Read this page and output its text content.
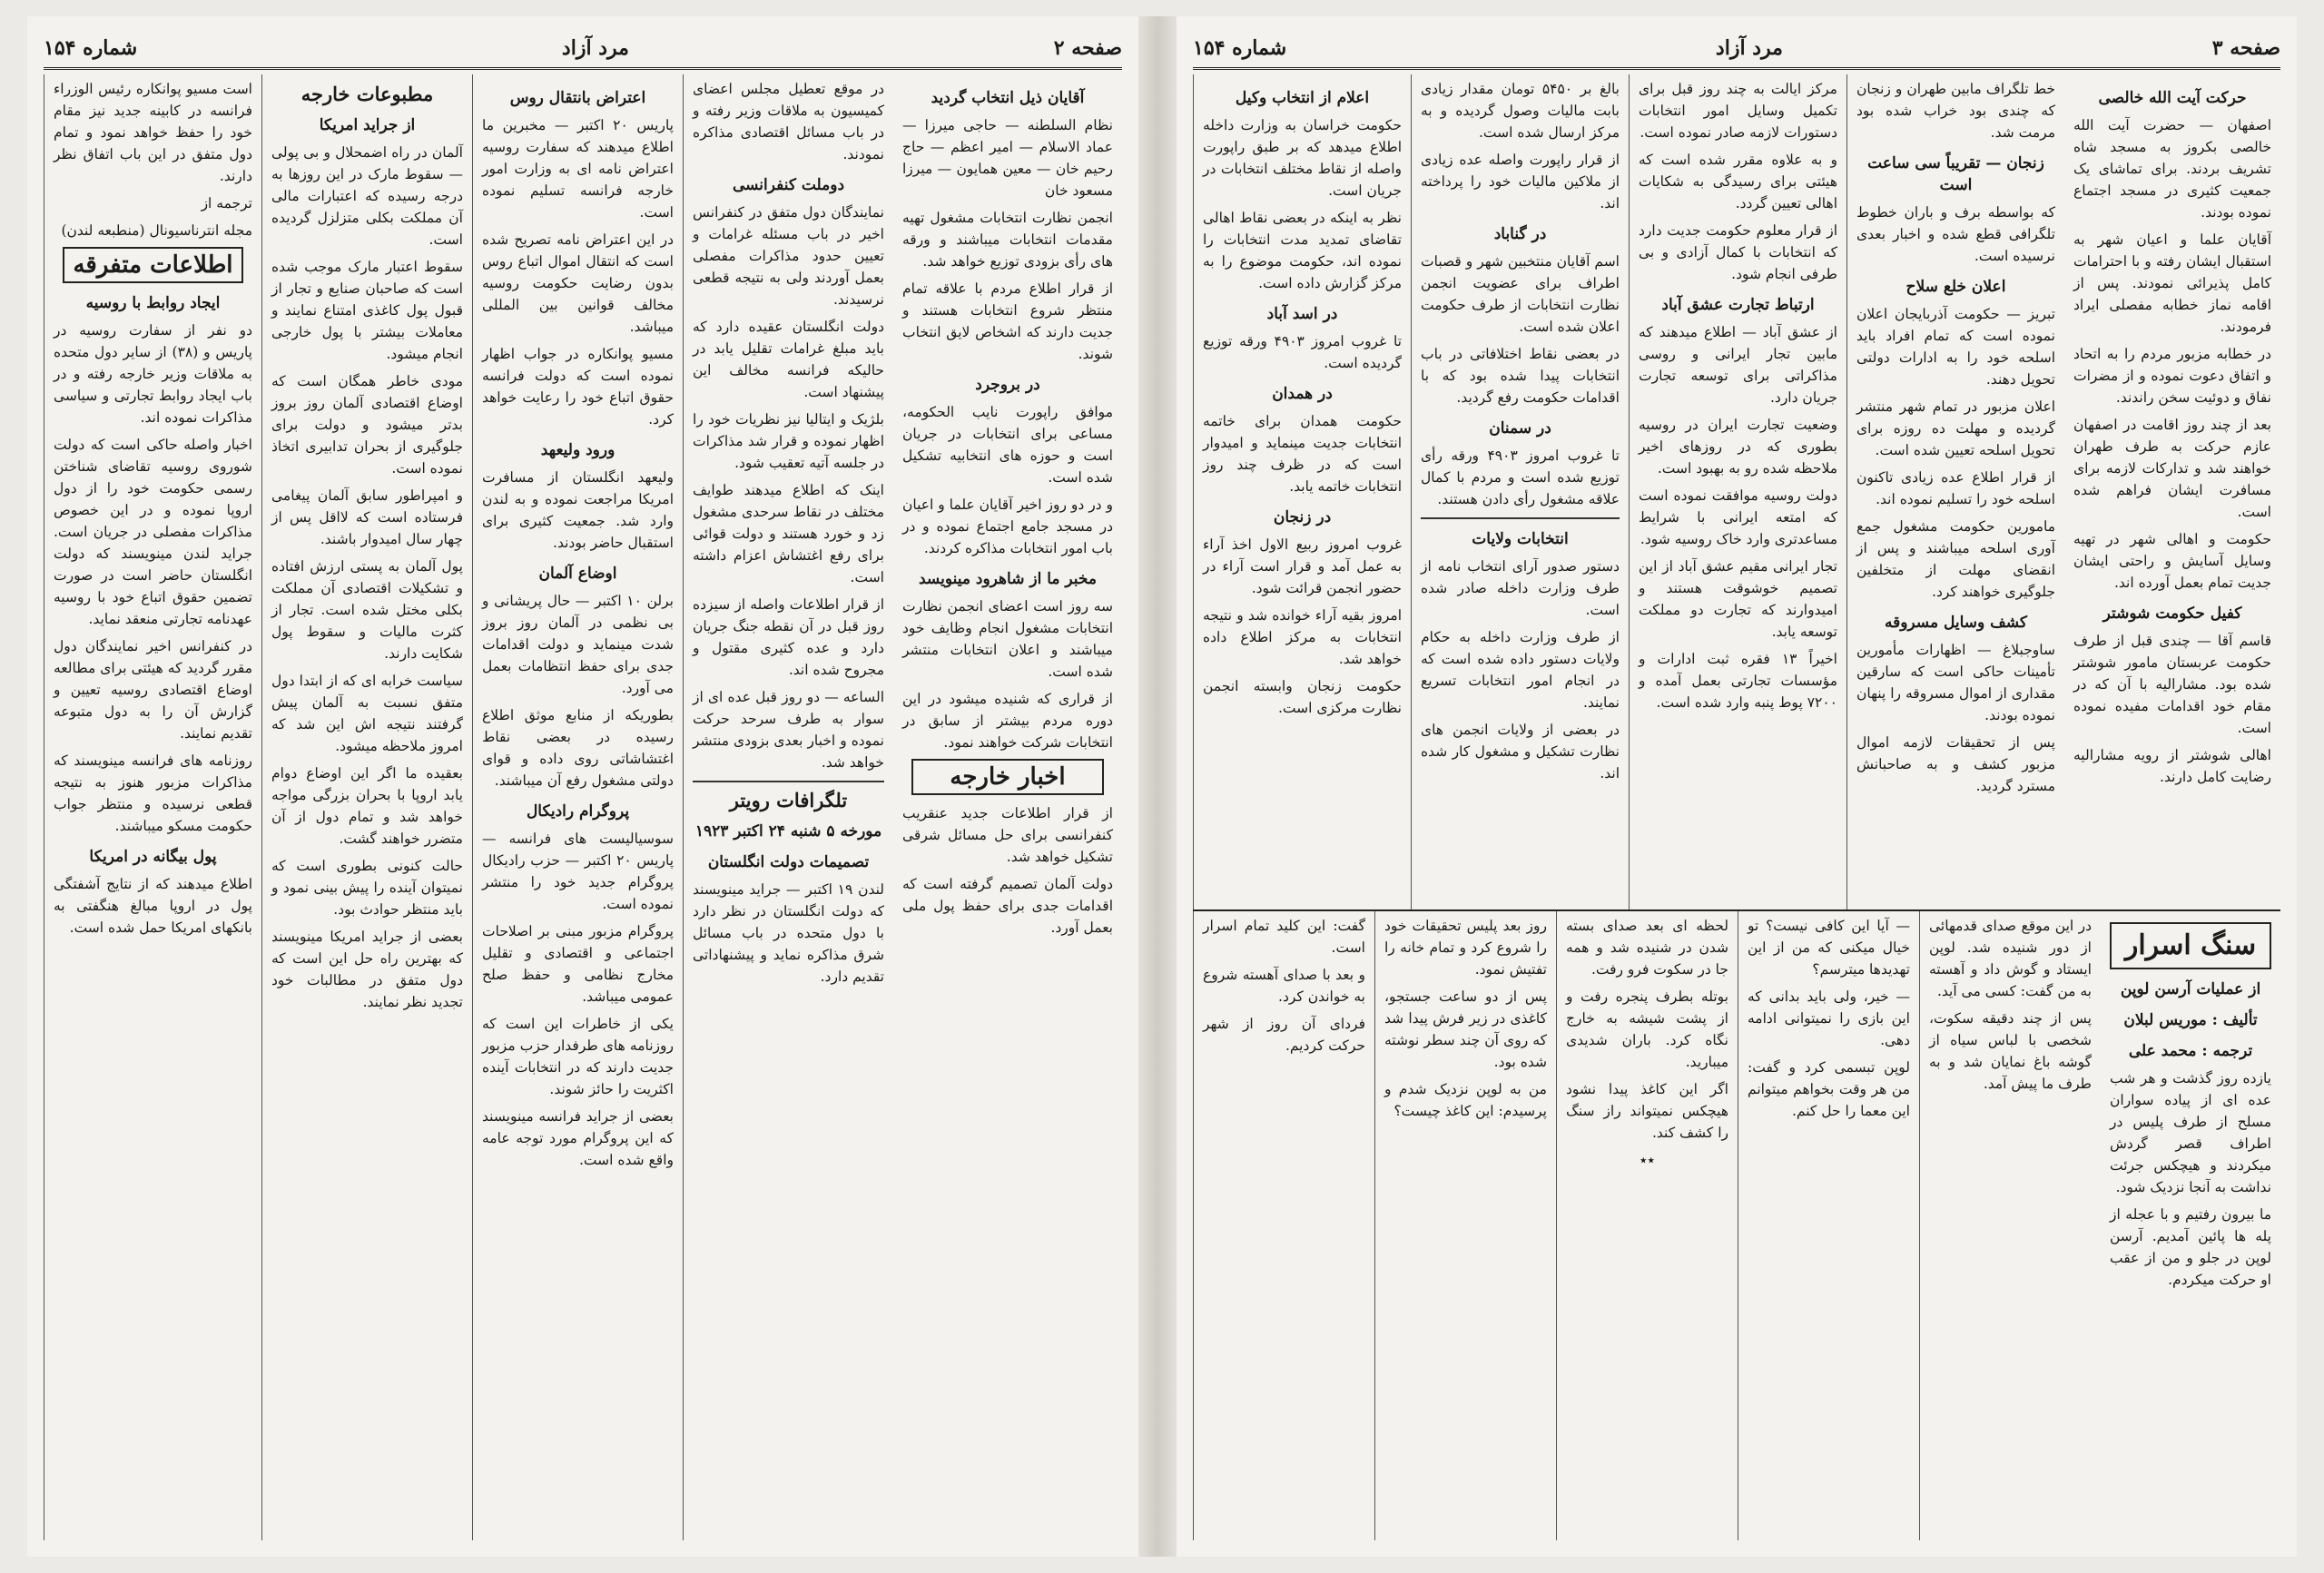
صفحه ۲
مرد آزاد
شماره ۱۵۴

است مسیو پوانکاره رئیس الوزراء فرانسه در کابینه جدید نیز مقام خود را حفظ خواهد نمود و تمام دول متفق در این باب اتفاق نظر دارند.

ترجمه از

مجله انترناسیونال (منطبعه لندن)

اطلاعات متفرقه
ایجاد روابط با روسیه

دو نفر از سفارت روسیه در پاریس و (۳۸) از سایر دول متحده به ملاقات وزیر خارجه رفته و در باب ایجاد روابط تجارتی و سیاسی مذاکرات نموده اند.

اخبار واصله حاکی است که دولت شوروی روسیه تقاضای شناختن رسمی حکومت خود را از دول اروپا نموده و در این خصوص مذاکرات مفصلی در جریان است. جراید لندن مینویسند که دولت انگلستان حاضر است در صورت تضمین حقوق اتباع خود با روسیه عهدنامه تجارتی منعقد نماید.

در کنفرانس اخیر نمایندگان دول مقرر گردید که هیئتی برای مطالعه اوضاع اقتصادی روسیه تعیین و گزارش آن را به دول متبوعه تقدیم نمایند.

روزنامه های فرانسه مینویسند که مذاکرات مزبور هنوز به نتیجه قطعی نرسیده و منتظر جواب حکومت مسکو میباشند.

پول بیگانه در امریکا

اطلاع میدهند که از نتایج آشفتگی پول در اروپا مبالغ هنگفتی به بانکهای امریکا حمل شده است.

مطبوعات خارجه
از جراید امریکا

آلمان در راه اضمحلال و بی پولی — سقوط مارک در این روزها به درجه رسیده که اعتبارات مالی آن مملکت بکلی متزلزل گردیده است.

سقوط اعتبار مارک موجب شده است که صاحبان صنایع و تجار از قبول پول کاغذی امتناع نمایند و معاملات بیشتر با پول خارجی انجام میشود.

مودی خاطر همگان است که اوضاع اقتصادی آلمان روز بروز بدتر میشود و دولت برای جلوگیری از بحران تدابیری اتخاذ نموده است.

و امپراطور سابق آلمان پیغامی فرستاده است که لااقل پس از چهار سال امیدوار باشند.

پول آلمان به پستی ارزش افتاده و تشکیلات اقتصادی آن مملکت بکلی مختل شده است. تجار از کثرت مالیات و سقوط پول شکایت دارند.

سیاست خرابه ای که از ابتدا دول متفق نسبت به آلمان پیش گرفتند نتیجه اش این شد که امروز ملاحظه میشود.

بعقیده ما اگر این اوضاع دوام یابد اروپا با بحران بزرگی مواجه خواهد شد و تمام دول از آن متضرر خواهند گشت.

حالت کنونی بطوری است که نمیتوان آینده را پیش بینی نمود و باید منتظر حوادث بود.

بعضی از جراید امریکا مینویسند که بهترین راه حل این است که دول متفق در مطالبات خود تجدید نظر نمایند.

اعتراض بانتقال روس

پاریس ۲۰ اکتبر — مخبرین ما اطلاع میدهند که سفارت روسیه اعتراض نامه ای به وزارت امور خارجه فرانسه تسلیم نموده است.

در این اعتراض نامه تصریح شده است که انتقال اموال اتباع روس بدون رضایت حکومت روسیه مخالف قوانین بین المللی میباشد.

مسیو پوانکاره در جواب اظهار نموده است که دولت فرانسه حقوق اتباع خود را رعایت خواهد کرد.

ورود ولیعهد

ولیعهد انگلستان از مسافرت امریکا مراجعت نموده و به لندن وارد شد. جمعیت کثیری برای استقبال حاضر بودند.

اوضاع آلمان

برلن ۱۰ اکتبر — حال پریشانی و بی نظمی در آلمان روز بروز شدت مینماید و دولت اقدامات جدی برای حفظ انتظامات بعمل می آورد.

بطوریکه از منابع موثق اطلاع رسیده در بعضی نقاط اغتشاشاتی روی داده و قوای دولتی مشغول رفع آن میباشند.

پروگرام رادیکال

سوسیالیست های فرانسه — پاریس ۲۰ اکتبر — حزب رادیکال پروگرام جدید خود را منتشر نموده است.

پروگرام مزبور مبنی بر اصلاحات اجتماعی و اقتصادی و تقلیل مخارج نظامی و حفظ صلح عمومی میباشد.

یکی از خاطرات این است که روزنامه های طرفدار حزب مزبور جدیت دارند که در انتخابات آینده اکثریت را حائز شوند.

بعضی از جراید فرانسه مینویسند که این پروگرام مورد توجه عامه واقع شده است.

در موقع تعطیل مجلس اعضای کمیسیون به ملاقات وزیر رفته و در باب مسائل اقتصادی مذاکره نمودند.

دوملت کنفرانسی

نمایندگان دول متفق در کنفرانس اخیر در باب مسئله غرامات و تعیین حدود مذاکرات مفصلی بعمل آوردند ولی به نتیجه قطعی نرسیدند.

دولت انگلستان عقیده دارد که باید مبلغ غرامات تقلیل یابد در حالیکه فرانسه مخالف این پیشنهاد است.

بلژیک و ایتالیا نیز نظریات خود را اظهار نموده و قرار شد مذاکرات در جلسه آتیه تعقیب شود.

اینک که اطلاع میدهند طوایف مختلف در نقاط سرحدی مشغول زد و خورد هستند و دولت قوائی برای رفع اغتشاش اعزام داشته است.

از قرار اطلاعات واصله از سیزده روز قبل در آن نقطه جنگ جریان دارد و عده کثیری مقتول و مجروح شده اند.

الساعه — دو روز قبل عده ای از سوار به طرف سرحد حرکت نموده و اخبار بعدی بزودی منتشر خواهد شد.

تلگرافات رویتر
مورخه ۵ شنبه ۲۴ اکتبر ۱۹۲۳
تصمیمات دولت انگلستان

لندن ۱۹ اکتبر — جراید مینویسند که دولت انگلستان در نظر دارد با دول متحده در باب مسائل شرق مذاکره نماید و پیشنهاداتی تقدیم دارد.

آقایان ذیل انتخاب گردید

نظام السلطنه — حاجی میرزا — عماد الاسلام — امیر اعظم — حاج رحیم خان — معین همایون — میرزا مسعود خان

انجمن نظارت انتخابات مشغول تهیه مقدمات انتخابات میباشند و ورقه های رأی بزودی توزیع خواهد شد.

از قرار اطلاع مردم با علاقه تمام منتظر شروع انتخابات هستند و جدیت دارند که اشخاص لایق انتخاب شوند.

در بروجرد

موافق راپورت نایب الحکومه، مساعی برای انتخابات در جریان است و حوزه های انتخابیه تشکیل شده است.

و در دو روز اخیر آقایان علما و اعیان در مسجد جامع اجتماع نموده و در باب امور انتخابات مذاکره کردند.

مخبر ما از شاهرود مینویسد

سه روز است اعضای انجمن نظارت انتخابات مشغول انجام وظایف خود میباشند و اعلان انتخابات منتشر شده است.

از قراری که شنیده میشود در این دوره مردم بیشتر از سابق در انتخابات شرکت خواهند نمود.

اخبار خارجه

از قرار اطلاعات جدید عنقریب کنفرانسی برای حل مسائل شرقی تشکیل خواهد شد.

دولت آلمان تصمیم گرفته است که اقدامات جدی برای حفظ پول ملی بعمل آورد.

صفحه ۳
مرد آزاد
شماره ۱۵۴
اعلام از انتخاب وکیل

حکومت خراسان به وزارت داخله اطلاع میدهد که بر طبق راپورت واصله از نقاط مختلف انتخابات در جریان است.

نظر به اینکه در بعضی نقاط اهالی تقاضای تمدید مدت انتخابات را نموده اند، حکومت موضوع را به مرکز گزارش داده است.

در اسد آباد

تا غروب امروز ۴۹۰۳ ورقه توزیع گردیده است.

در همدان

حکومت همدان برای خاتمه انتخابات جدیت مینماید و امیدوار است که در ظرف چند روز انتخابات خاتمه یابد.

در زنجان

غروب امروز ربیع الاول اخذ آراء به عمل آمد و قرار است آراء در حضور انجمن قرائت شود.

امروز بقیه آراء خوانده شد و نتیجه انتخابات به مرکز اطلاع داده خواهد شد.

حکومت زنجان وابسته انجمن نظارت مرکزی است.

بالغ بر ۵۴۵۰ تومان مقدار زیادی بابت مالیات وصول گردیده و به مرکز ارسال شده است.

از قرار راپورت واصله عده زیادی از ملاکین مالیات خود را پرداخته اند.

در گناباد

اسم آقایان منتخبین شهر و قصبات اطراف برای عضویت انجمن نظارت انتخابات از طرف حکومت اعلان شده است.

در بعضی نقاط اختلافاتی در باب انتخابات پیدا شده بود که با اقدامات حکومت رفع گردید.

در سمنان

تا غروب امروز ۴۹۰۳ ورقه رأی توزیع شده است و مردم با کمال علاقه مشغول رأی دادن هستند.

انتخابات ولایات

دستور صدور آرای انتخاب نامه از طرف وزارت داخله صادر شده است.

از طرف وزارت داخله به حکام ولایات دستور داده شده است که در انجام امور انتخابات تسریع نمایند.

در بعضی از ولایات انجمن های نظارت تشکیل و مشغول کار شده اند.

مرکز ایالت به چند روز قبل برای تکمیل وسایل امور انتخابات دستورات لازمه صادر نموده است.

و به علاوه مقرر شده است که هیئتی برای رسیدگی به شکایات اهالی تعیین گردد.

از قرار معلوم حکومت جدیت دارد که انتخابات با کمال آزادی و بی طرفی انجام شود.

ارتباط تجارت عشق آباد

از عشق آباد — اطلاع میدهند که مابین تجار ایرانی و روسی مذاکراتی برای توسعه تجارت جریان دارد.

وضعیت تجارت ایران در روسیه بطوری که در روزهای اخیر ملاحظه شده رو به بهبود است.

دولت روسیه موافقت نموده است که امتعه ایرانی با شرایط مساعدتری وارد خاک روسیه شود.

تجار ایرانی مقیم عشق آباد از این تصمیم خوشوقت هستند و امیدوارند که تجارت دو مملکت توسعه یابد.

اخیراً ۱۳ فقره ثبت ادارات و مؤسسات تجارتی بعمل آمده و ۷۲۰۰ پوط پنبه وارد شده است.

خط تلگراف مابین طهران و زنجان که چندی بود خراب شده بود مرمت شد.

زنجان — تقریباً سی ساعت است

که بواسطه برف و باران خطوط تلگرافی قطع شده و اخبار بعدی نرسیده است.

اعلان خلع سلاح

تبریز — حکومت آذربایجان اعلان نموده است که تمام افراد باید اسلحه خود را به ادارات دولتی تحویل دهند.

اعلان مزبور در تمام شهر منتشر گردیده و مهلت ده روزه برای تحویل اسلحه تعیین شده است.

از قرار اطلاع عده زیادی تاکنون اسلحه خود را تسلیم نموده اند.

مامورین حکومت مشغول جمع آوری اسلحه میباشند و پس از انقضای مهلت از متخلفین جلوگیری خواهند کرد.

کشف وسایل مسروقه

ساوجبلاغ — اظهارات مأمورین تأمینات حاکی است که سارقین مقداری از اموال مسروقه را پنهان نموده بودند.

پس از تحقیقات لازمه اموال مزبور کشف و به صاحبانش مسترد گردید.

حرکت آیت الله خالصی

اصفهان — حضرت آیت الله خالصی بکروز به مسجد شاه تشریف بردند. برای تماشای یک جمعیت کثیری در مسجد اجتماع نموده بودند.

آقایان علما و اعیان شهر به استقبال ایشان رفته و با احترامات کامل پذیرائی نمودند. پس از اقامه نماز خطابه مفصلی ایراد فرمودند.

در خطابه مزبور مردم را به اتحاد و اتفاق دعوت نموده و از مضرات نفاق و دوئیت سخن راندند.

بعد از چند روز اقامت در اصفهان عازم حرکت به طرف طهران خواهند شد و تدارکات لازمه برای مسافرت ایشان فراهم شده است.

حکومت و اهالی شهر در تهیه وسایل آسایش و راحتی ایشان جدیت تمام بعمل آورده اند.

کفیل حکومت شوشتر

قاسم آقا — چندی قبل از طرف حکومت عربستان مامور شوشتر شده بود. مشارالیه با آن که در مقام خود اقدامات مفیده نموده است.

اهالی شوشتر از رویه مشارالیه رضایت کامل دارند.

گفت: این کلید تمام اسرار است.

و بعد با صدای آهسته شروع به خواندن کرد.

فردای آن روز از شهر حرکت کردیم.

روز بعد پلیس تحقیقات خود را شروع کرد و تمام خانه را تفتیش نمود.

پس از دو ساعت جستجو، کاغذی در زیر فرش پیدا شد که روی آن چند سطر نوشته شده بود.

من به لوپن نزدیک شدم و پرسیدم: این کاغذ چیست؟

لحظه ای بعد صدای بسته شدن در شنیده شد و همه جا در سکوت فرو رفت.

بوتله بطرف پنجره رفت و از پشت شیشه به خارج نگاه کرد. باران شدیدی میبارید.

اگر این کاغذ پیدا نشود هیچکس نمیتواند راز سنگ را کشف کند.

٭٭

— آیا این کافی نیست؟ تو خیال میکنی که من از این تهدیدها میترسم؟

— خیر، ولی باید بدانی که این بازی را نمیتوانی ادامه دهی.

لوپن تبسمی کرد و گفت: من هر وقت بخواهم میتوانم این معما را حل کنم.

در این موقع صدای قدمهائی از دور شنیده شد. لوپن ایستاد و گوش داد و آهسته به من گفت: کسی می آید.

پس از چند دقیقه سکوت، شخصی با لباس سیاه از گوشه باغ نمایان شد و به طرف ما پیش آمد.

سنگ اسرار
از عملیات آرسن لوپن
تألیف : موریس لبلان
ترجمه : محمد علی

یازده روز گذشت و هر شب عده ای از پیاده سواران مسلح از طرف پلیس در اطراف قصر گردش میکردند و هیچکس جرئت نداشت به آنجا نزدیک شود.

ما بیرون رفتیم و با عجله از پله ها پائین آمدیم. آرسن لوپن در جلو و من از عقب او حرکت میکردم.
